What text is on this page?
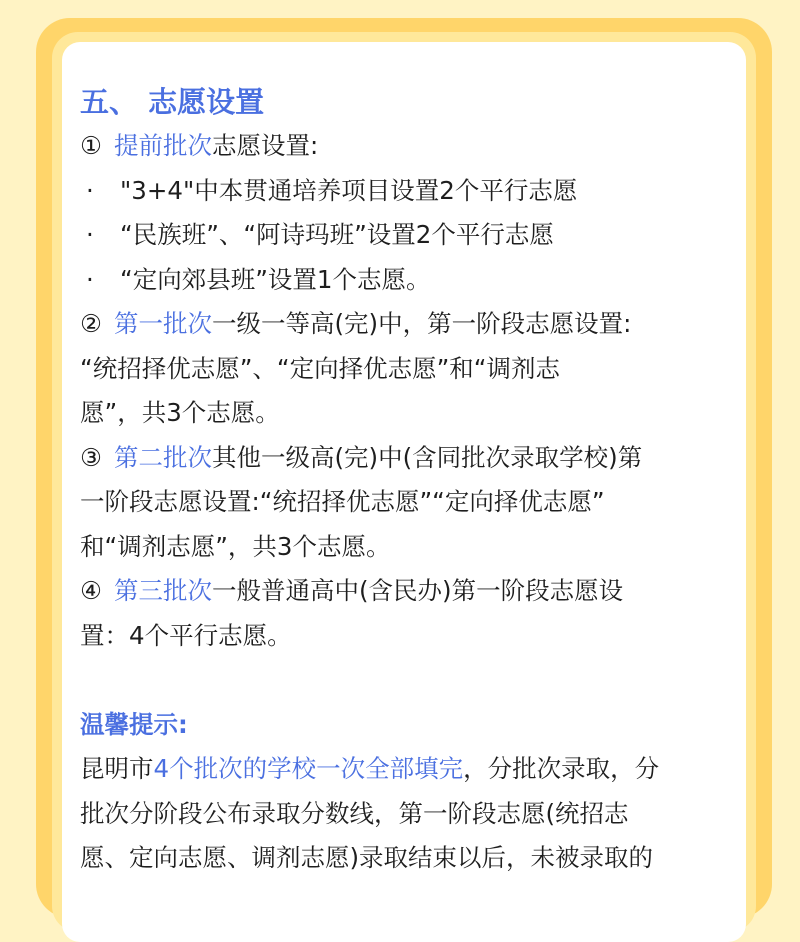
五、 志愿设置
① 提前批次志愿设置:
· "3+4"中本贯通培养项目设置2个平行志愿
· “民族班”、“阿诗玛班”设置2个平行志愿
· “定向郊县班”设置1个志愿。
② 第一批次一级一等高(完)中，第一阶段志愿设置:
“统招择优志愿”、“定向择优志愿”和“调剂志
愿”，共3个志愿。
③ 第二批次其他一级高(完)中(含同批次录取学校)第
一阶段志愿设置:“统招择优志愿”“定向择优志愿”
和“调剂志愿”，共3个志愿。
④ 第三批次一般普通高中(含民办)第一阶段志愿设
置：4个平行志愿。
温馨提示:
昆明市4个批次的学校一次全部填完，分批次录取，分
批次分阶段公布录取分数线，第一阶段志愿(统招志
愿、定向志愿、调剂志愿)录取结束以后，未被录取的
